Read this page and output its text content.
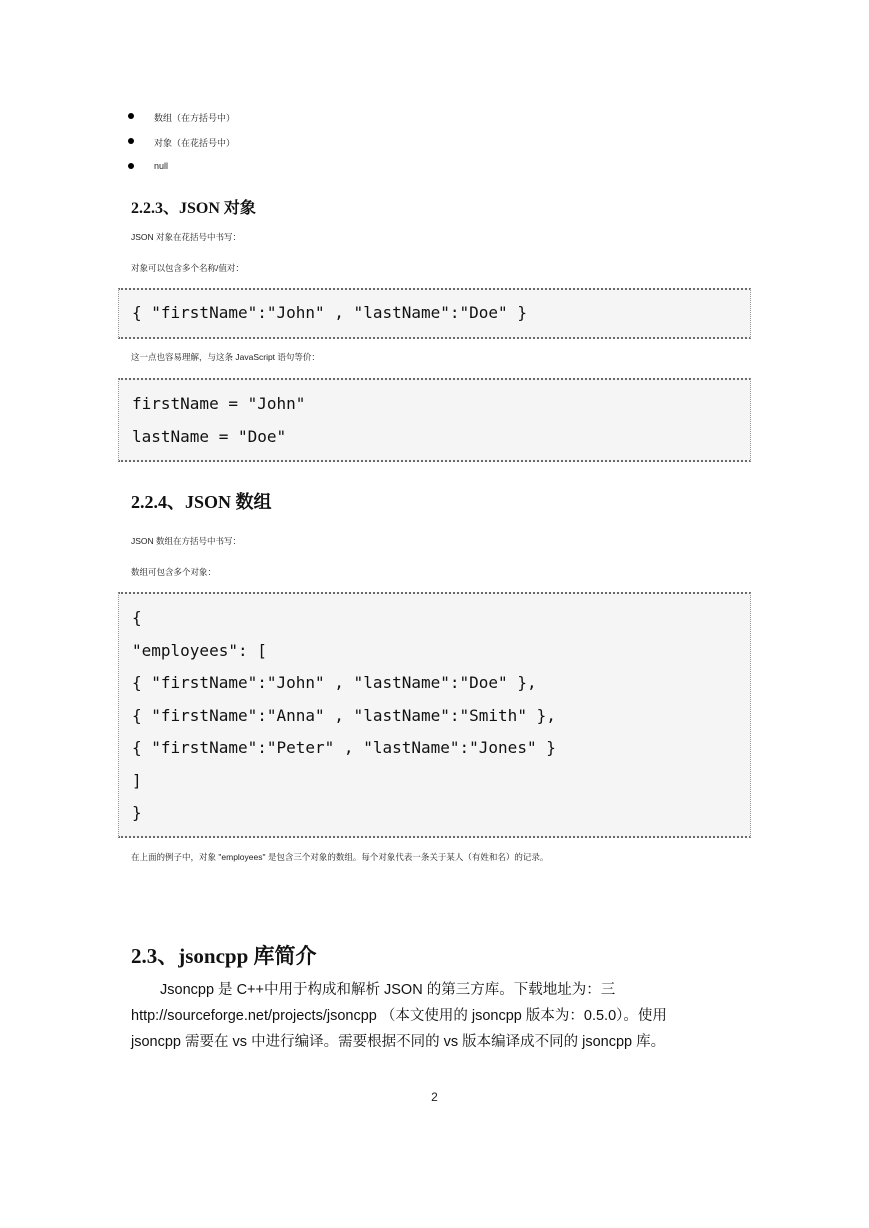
数组（在方括号中）
对象（在花括号中）
null
2.2.3、JSON 对象
JSON 对象在花括号中书写：
对象可以包含多个名称/值对：
{ "firstName":"John" , "lastName":"Doe" }
这一点也容易理解，与这条 JavaScript 语句等价：
firstName = "John"
lastName = "Doe"
2.2.4、JSON 数组
JSON 数组在方括号中书写：
数组可包含多个对象：
{
"employees": [
{ "firstName":"John" , "lastName":"Doe" },
{ "firstName":"Anna" , "lastName":"Smith" },
{ "firstName":"Peter" , "lastName":"Jones" }
]
}
在上面的例子中，对象 "employees" 是包含三个对象的数组。每个对象代表一条关于某人（有姓和名）的记录。
2.3、jsoncpp 库简介
Jsoncpp 是 C++中用于构成和解析 JSON 的第三方库。下载地址为：三
http://sourceforge.net/projects/jsoncpp （本文使用的 jsoncpp 版本为：0.5.0）。使用
jsoncpp 需要在 vs 中进行编译。需要根据不同的 vs 版本编译成不同的 jsoncpp 库。
2
